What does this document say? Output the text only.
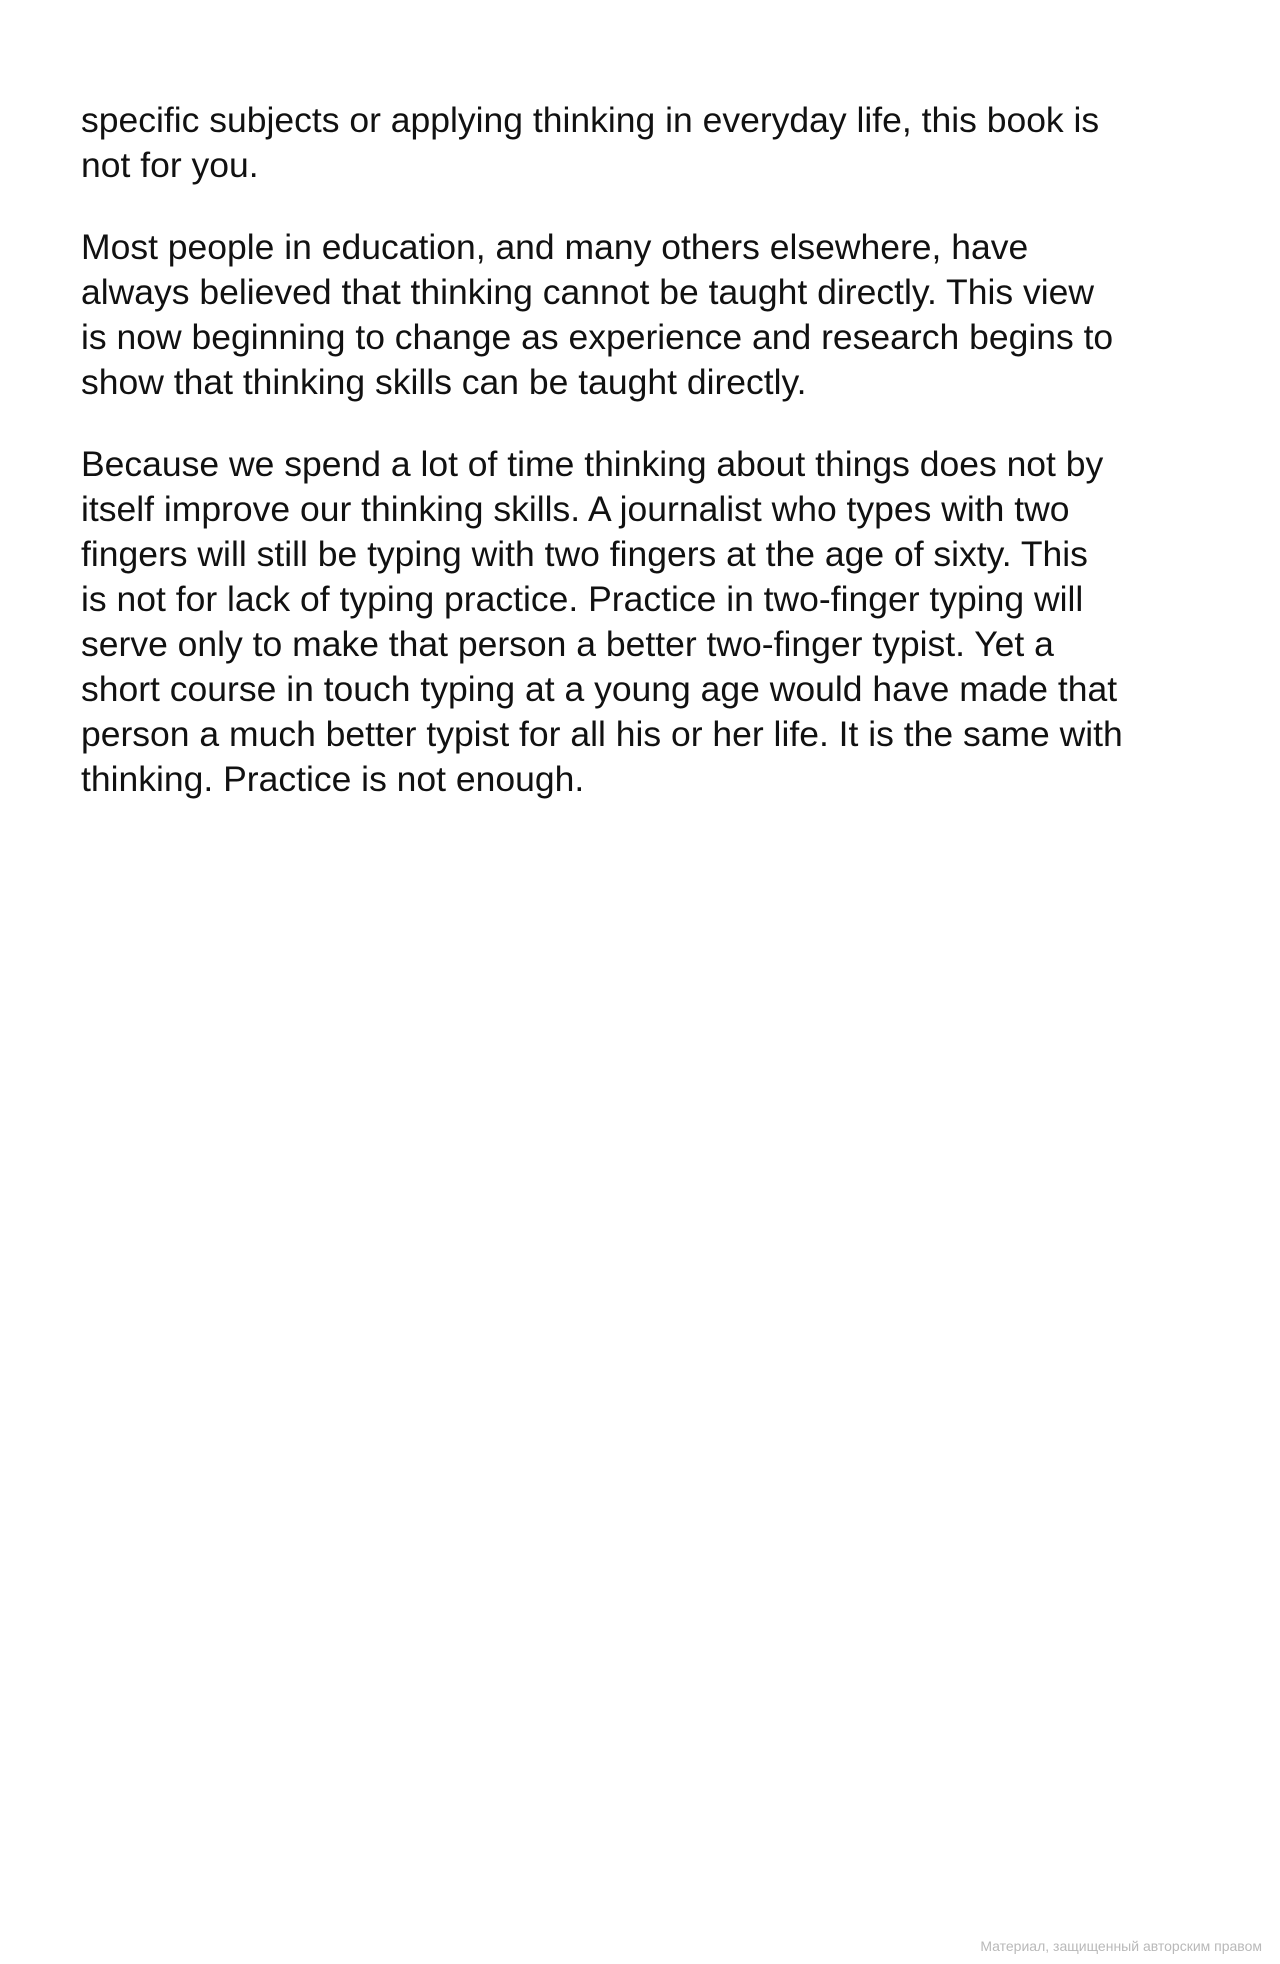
specific subjects or applying thinking in everyday life, this book is
not for you.

Most people in education, and many others elsewhere, have
always believed that thinking cannot be taught directly. This view
is now beginning to change as experience and research begins to
show that thinking skills can be taught directly.

Because we spend a lot of time thinking about things does not by
itself improve our thinking skills. A journalist who types with two
fingers will still be typing with two fingers at the age of sixty. This
is not for lack of typing practice. Practice in two-finger typing will
serve only to make that person a better two-finger typist. Yet a
short course in touch typing at a young age would have made that
person a much better typist for all his or her life. It is the same with
thinking. Practice is not enough.

Материал, защищенный авторским правом
